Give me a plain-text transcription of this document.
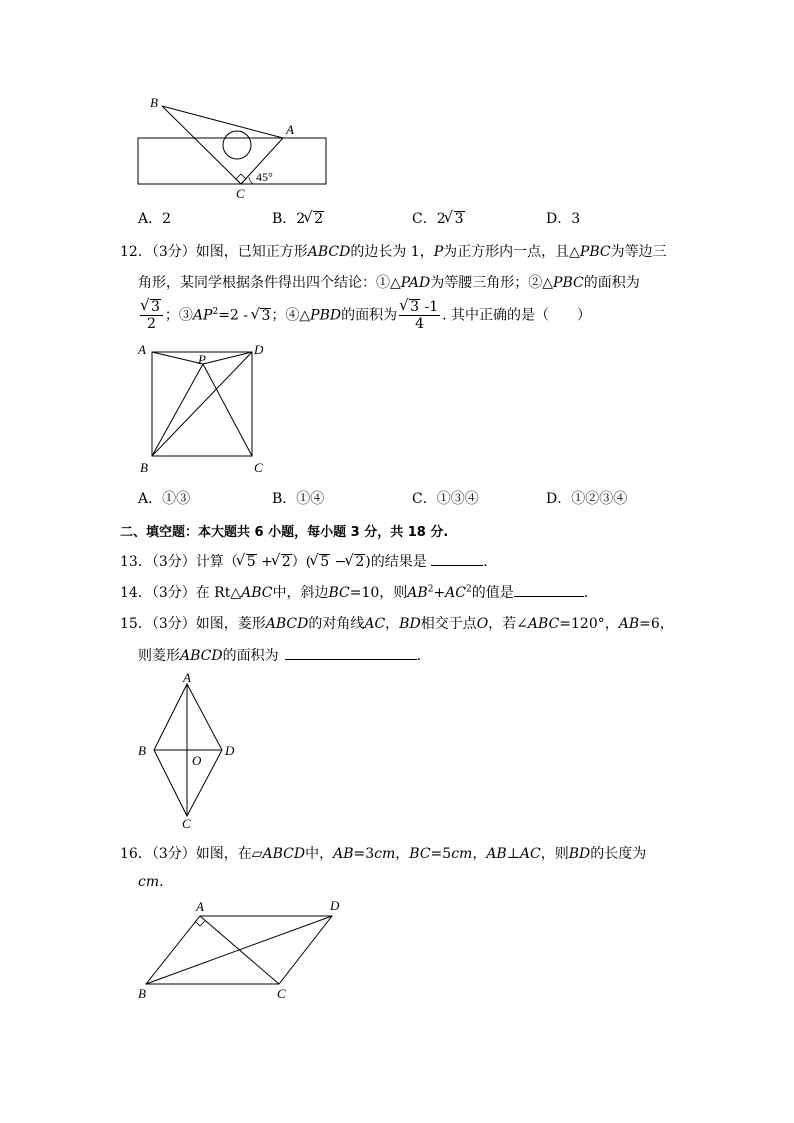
B
A
C
45°
A．2	B．2 √ 2	C．2 √ 3	D．3
12．（3分）如图，已知正方形ABCD的边长为 1，P为正方形内一点，且△PBC为等边三
角形，某同学根据条件得出四个结论：①△PAD为等腰三角形；②△PBC的面积为
√ $\frac{3}{2}$ ；$③AP^2=2$ - √ 3；④△PBD的面积为 √ $\frac{3 -1}{4}$ . 其中正确的是（　　）
A
P
D
B	C
A．①③	B．①④	C．①③④	D．①②③④
二、填空题：本大题共 6 小题，每小题 3 分，共 18 分.
13．（3分）计算（ √ 5 + √ 2）( √ 5 − √ 2)的结果是	.
14．（3分）在 Rt△ABC中，斜边BC=10，则$AB^2+AC^2$的值是	.
15．（3分）如图，菱形ABCD的对角线AC，BD相交于点O，若∠ABC=120°，AB=6，
则菱形ABCD的面积为	.
A
B
O
D
C
16．（3分）如图，在▱ABCD中，AB=3cm，BC=5cm，AB⊥AC，则BD的长度为
cm.
A	D
B	C
